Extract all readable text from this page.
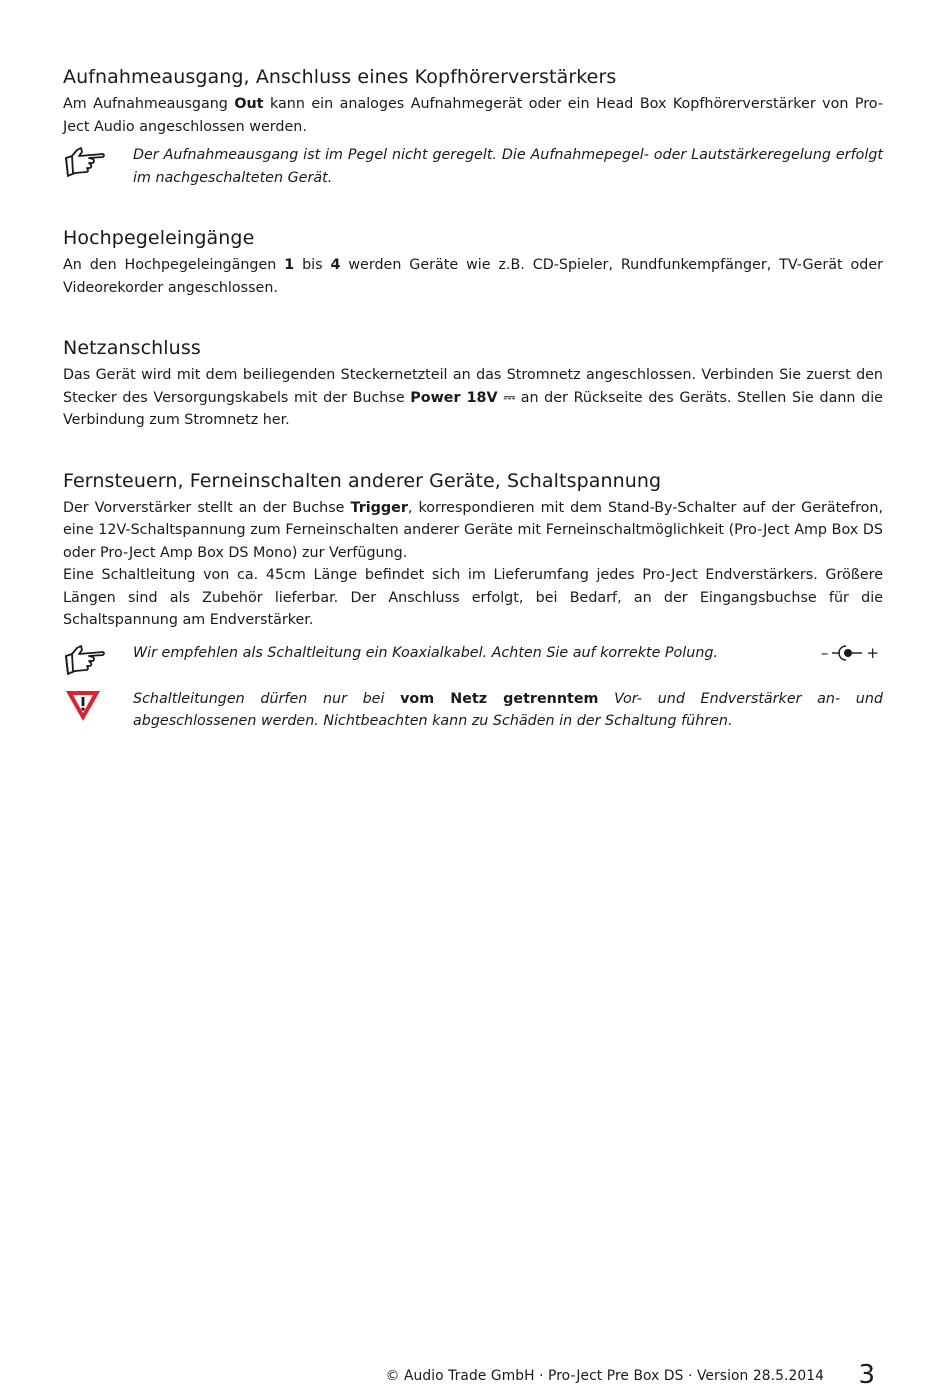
Aufnahmeausgang, Anschluss eines Kopfhörerverstärkers

Am Aufnahmeausgang Out kann ein analoges Aufnahmegerät oder ein Head Box Kopfhörerverstärker von Pro-Ject Audio angeschlossen werden.

Der Aufnahmeausgang ist im Pegel nicht geregelt. Die Aufnahmepegel- oder Lautstärkeregelung erfolgt im nachgeschalteten Gerät.
Hochpegeleingänge

An den Hochpegeleingängen 1 bis 4 werden Geräte wie z.B. CD-Spieler, Rundfunkempfänger, TV-Gerät oder Videorekorder angeschlossen.

Netzanschluss

Das Gerät wird mit dem beiliegenden Steckernetzteil an das Stromnetz angeschlossen. Verbinden Sie zuerst den Stecker des Versorgungskabels mit der Buchse Power 18V ⎓ an der Rückseite des Geräts. Stellen Sie dann die Verbindung zum Stromnetz her.

Fernsteuern, Ferneinschalten anderer Geräte, Schaltspannung

Der Vorverstärker stellt an der Buchse Trigger, korrespondieren mit dem Stand-By-Schalter auf der Gerätefron, eine 12V-Schaltspannung zum Ferneinschalten anderer Geräte mit Ferneinschaltmöglichkeit (Pro-Ject Amp Box DS oder Pro-Ject Amp Box DS Mono) zur Verfügung.

Eine Schaltleitung von ca. 45cm Länge befindet sich im Lieferumfang jedes Pro-Ject Endverstärkers. Größere Längen sind als Zubehör lieferbar. Der Anschluss erfolgt, bei Bedarf, an der Eingangsbuchse für die Schaltspannung am Endverstärker.

Wir empfehlen als Schaltleitung ein Koaxialkabel. Achten Sie auf korrekte Polung.	–	+
Schaltleitungen dürfen nur bei vom Netz getrenntem Vor- und Endverstärker an- und abgeschlossenen werden. Nichtbeachten kann zu Schäden in der Schaltung führen.
© Audio Trade GmbH · Pro-Ject Pre Box DS · Version 28.5.2014 3
